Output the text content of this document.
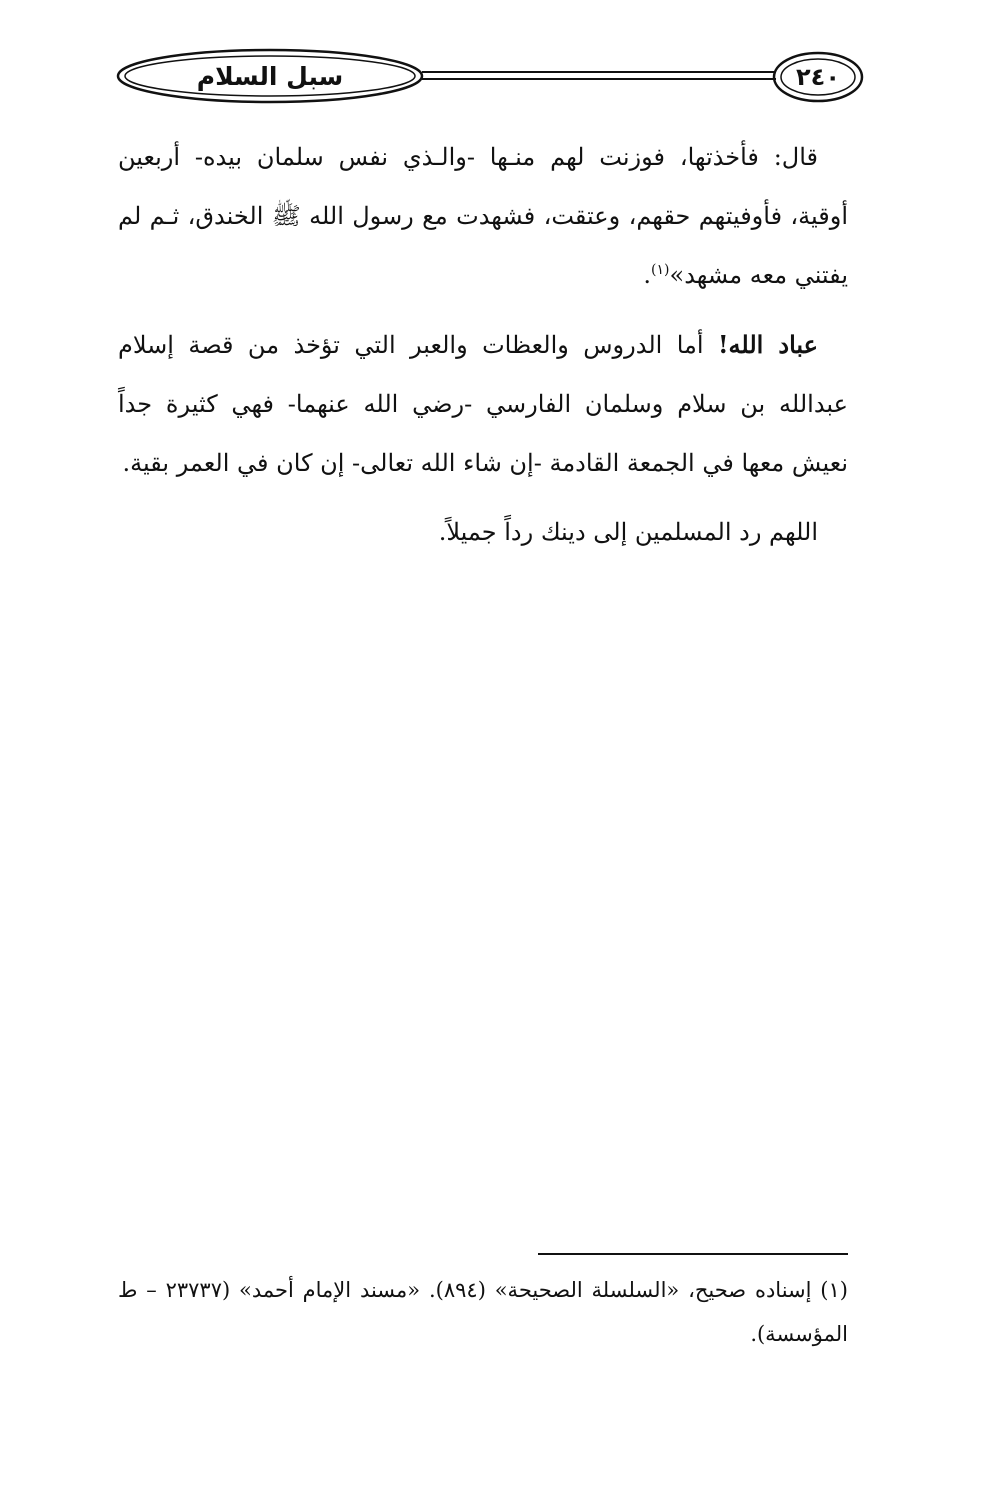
سبل السلام	٢٤٠

قال: فأخذتها، فوزنت لهم منـها -والـذي نفس سلمان بيده- أربعين أوقية، فأوفيتهم حقهم، وعتقت، فشهدت مع رسول الله ﷺ الخندق، ثـم لم يفتني معه مشهد»$^{(١)}$.

عباد الله! أما الدروس والعظات والعبر التي تؤخذ من قصة إسلام عبدالله بن سلام وسلمان الفارسي -رضي الله عنهما- فهي كثيرة جداً نعيش معها في الجمعة القادمة -إن شاء الله تعالى- إن كان في العمر بقية.

اللهم رد المسلمين إلى دينك رداً جميلاً.

(١) إسناده صحيح، «السلسلة الصحيحة» (٨٩٤). «مسند الإمام أحمد» (٢٣٧٣٧ – ط المؤسسة).
